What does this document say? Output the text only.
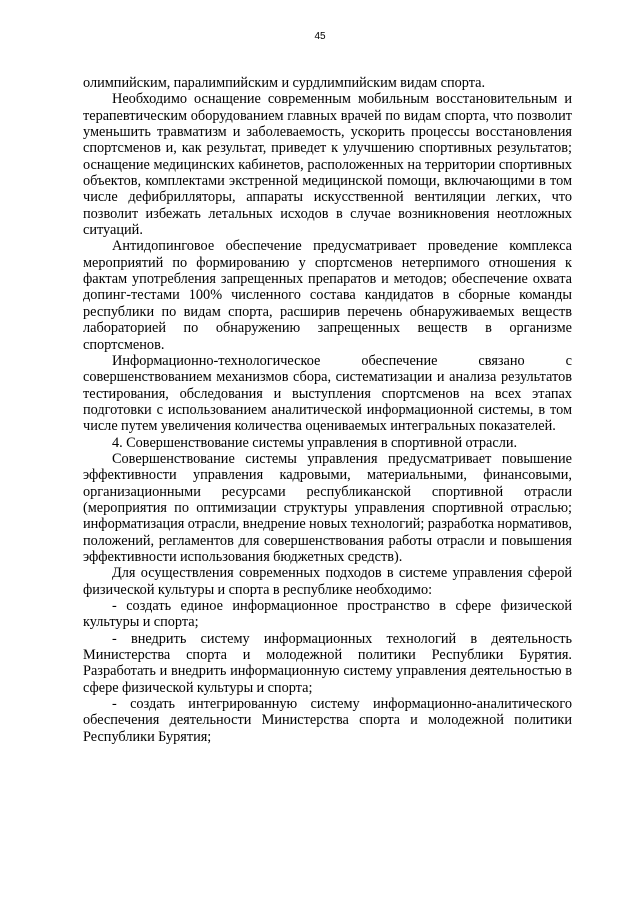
45

олимпийским, паралимпийским и сурдлимпийским видам спорта.

Необходимо оснащение современным мобильным восстановительным и терапевтическим оборудованием главных врачей по видам спорта, что позволит уменьшить травматизм и заболеваемость, ускорить процессы восстановления спортсменов и, как результат, приведет к улучшению спортивных результатов; оснащение медицинских кабинетов, расположенных на территории спортивных объектов, комплектами экстренной медицинской помощи, включающими в том числе дефибрилляторы, аппараты искусственной вентиляции легких, что позволит избежать летальных исходов в случае возникновения неотложных ситуаций.

Антидопинговое обеспечение предусматривает проведение комплекса мероприятий по формированию у спортсменов нетерпимого отношения к фактам употребления запрещенных препаратов и методов; обеспечение охвата допинг-тестами 100% численного состава кандидатов в сборные команды республики по видам спорта, расширив перечень обнаруживаемых веществ лабораторией по обнаружению запрещенных веществ в организме спортсменов.

Информационно-технологическое обеспечение связано с совершенствованием механизмов сбора, систематизации и анализа результатов тестирования, обследования и выступления спортсменов на всех этапах подготовки с использованием аналитической информационной системы, в том числе путем увеличения количества оцениваемых интегральных показателей.

4. Совершенствование системы управления в спортивной отрасли.

Совершенствование системы управления предусматривает повышение эффективности управления кадровыми, материальными, финансовыми, организационными ресурсами республиканской спортивной отрасли (мероприятия по оптимизации структуры управления спортивной отраслью; информатизация отрасли, внедрение новых технологий; разработка нормативов, положений, регламентов для совершенствования работы отрасли и повышения эффективности использования бюджетных средств).

Для осуществления современных подходов в системе управления сферой физической культуры и спорта в республике необходимо:

- создать единое информационное пространство в сфере физической культуры и спорта;

- внедрить систему информационных технологий в деятельность Министерства спорта и молодежной политики Республики Бурятия. Разработать и внедрить информационную систему управления деятельностью в сфере физической культуры и спорта;

- создать интегрированную систему информационно-аналитического обеспечения деятельности Министерства спорта и молодежной политики Республики Бурятия;
